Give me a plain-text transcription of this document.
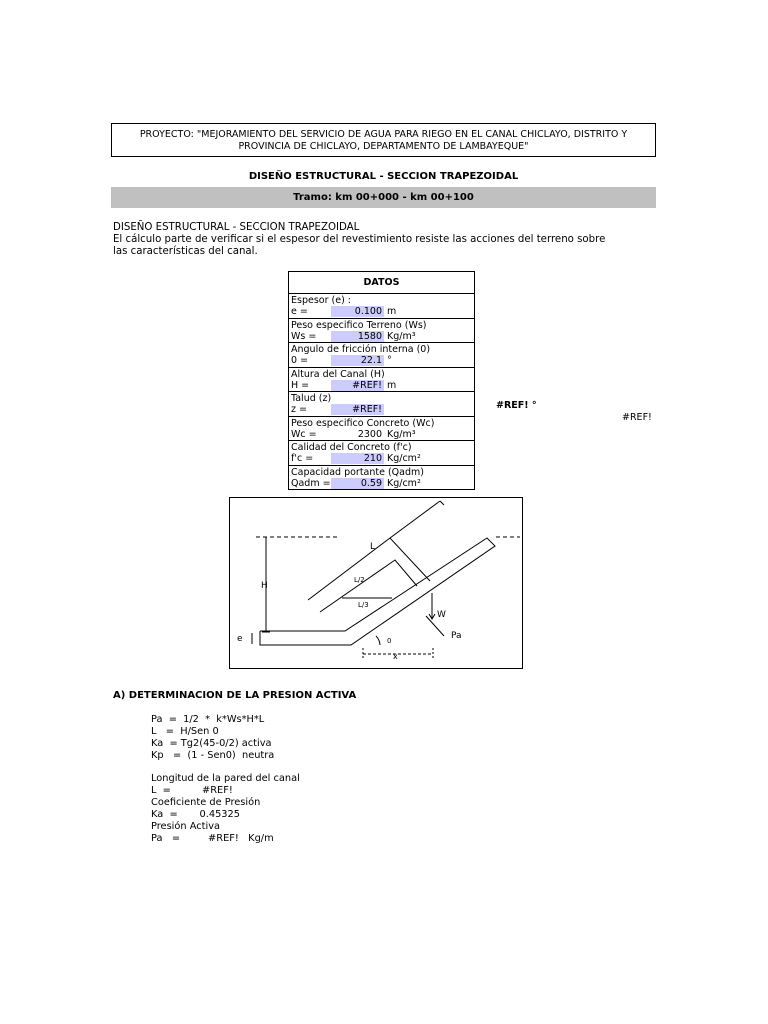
PROYECTO: "MEJORAMIENTO DEL SERVICIO DE AGUA PARA RIEGO EN EL CANAL CHICLAYO, DISTRITO Y
PROVINCIA DE CHICLAYO, DEPARTAMENTO DE LAMBAYEQUE"
DISEÑO ESTRUCTURAL - SECCION TRAPEZOIDAL
Tramo: km 00+000 - km 00+100
DISEÑO ESTRUCTURAL - SECCION TRAPEZOIDAL
El cálculo parte de verificar si el espesor del revestimiento resiste las acciones del terreno sobre
las características del canal.
DATOS
Espesor (e) :
e =	0.100 m
Peso especifico Terreno (Ws)
Ws =	1580 Kg/m³
Angulo de fricción interna (0)
0 =	22.1 °
Altura del Canal (H)
H =	#REF! m
Talud (z)
z =	#REF!
Peso especifico Concreto (Wc)
Wc =	2300 Kg/m³
Calidad del Concreto (f'c)
f'c =	210 Kg/cm²
Capacidad portante (Qadm)
Qadm =	0.59 Kg/cm²
#REF! °
#REF!
L
L/2
L/3
H
e
W
Pa
0
x
A) DETERMINACION DE LA PRESION ACTIVA
Pa  =  1/2  *  k*Ws*H*L
L   =  H/Sen 0
Ka  = Tg2(45-0/2) activa
Kp   =  (1 - Sen0)  neutra
Longitud de la pared del canal
L  =          #REF!
Coeficiente de Presión
Ka  =       0.45325
Presión Activa
Pa   =         #REF!   Kg/m
